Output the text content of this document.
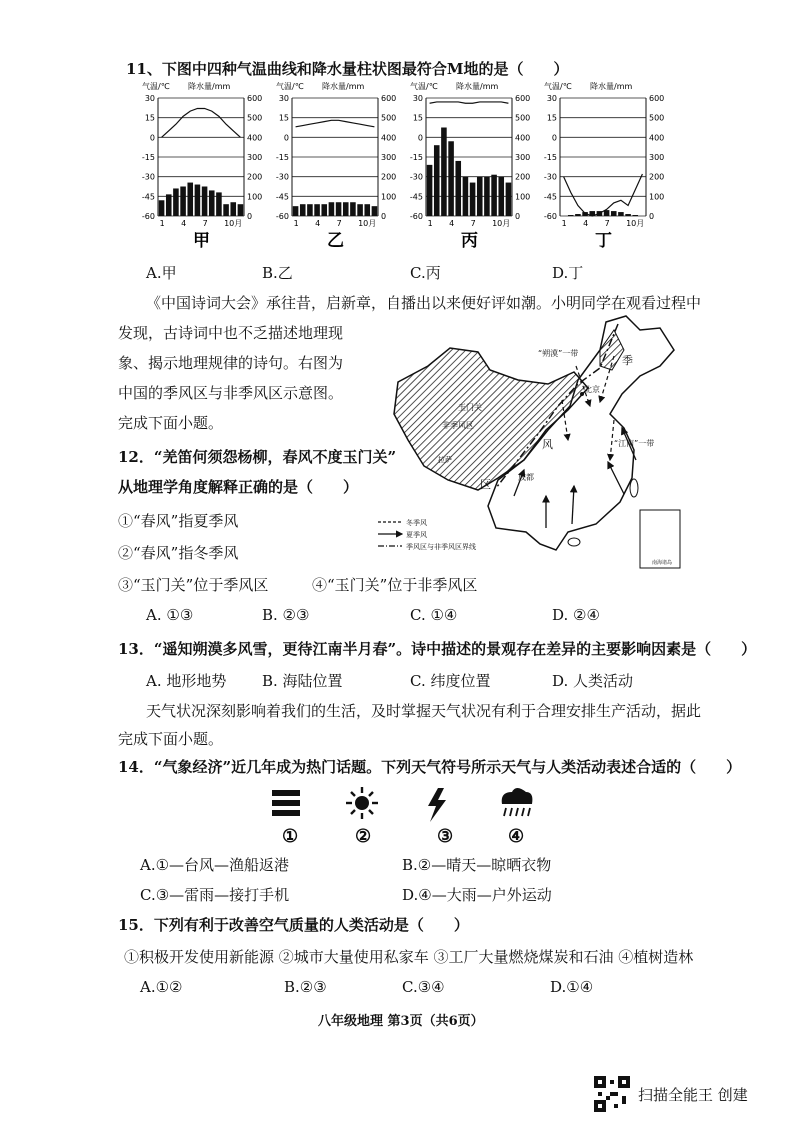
11、下图中四种气温曲线和降水量柱状图最符合M地的是（　　）
气温/℃ 降水量/mm
30	600
15	500
0	400
-15	300
-30	200
-45	100
-60	0
1 4 7 10月
甲
气温/℃ 降水量/mm
30	600
15	500
0	400
-15	300
-30	200
-45	100
-60	0
1 4 7 10月
乙
气温/℃ 降水量/mm
30	600
15	500
0	400
-15	300
-30	200
-45	100
-60	0
1 4 7 10月
丙
气温/℃ 降水量/mm
30	600
15	500
0	400
-15	300
-30	200
-45	100
-60	0
1 4 7 10月
丁
A.甲	B.乙	C.丙	D.丁
《中国诗词大会》承往昔，启新章，自播出以来便好评如潮。小明同学在观看过程中
发现，古诗词中也不乏描述地理现
象、揭示地理规律的诗句。右图为
中国的季风区与非季风区示意图。
完成下面小题。
“朔漠”一带
季
风
区
非季风区
玉门关
北京
“江南”一带
成都
拉萨
冬季风
夏季风
季风区与非季风区界线
南海诸岛
12．“羌笛何须怨杨柳，春风不度玉门关”
从地理学角度解释正确的是（　　）
①“春风”指夏季风
②“春风”指冬季风
③“玉门关”位于季风区	④“玉门关”位于非季风区
A. ①③	B. ②③	C. ①④	D. ②④
13．“遥知朔漠多风雪，更待江南半月春”。诗中描述的景观存在差异的主要影响因素是（　　）
A. 地形地势 B. 海陆位置	C. 纬度位置	D. 人类活动
天气状况深刻影响着我们的生活，及时掌握天气状况有利于合理安排生产活动，据此
完成下面小题。
14．“气象经济”近几年成为热门话题。下列天气符号所示天气与人类活动表述合适的（　　）
①	②	③	④
A.①—台风—渔船返港	B.②—晴天—晾晒衣物
C.③—雷雨—接打手机	D.④—大雨—户外运动
15．下列有利于改善空气质量的人类活动是（　　）
①积极开发使用新能源 ②城市大量使用私家车 ③工厂大量燃烧煤炭和石油 ④植树造林
A.①②	B.②③	C.③④	D.①④
八年级地理 第3页（共6页）
扫描全能王 创建
